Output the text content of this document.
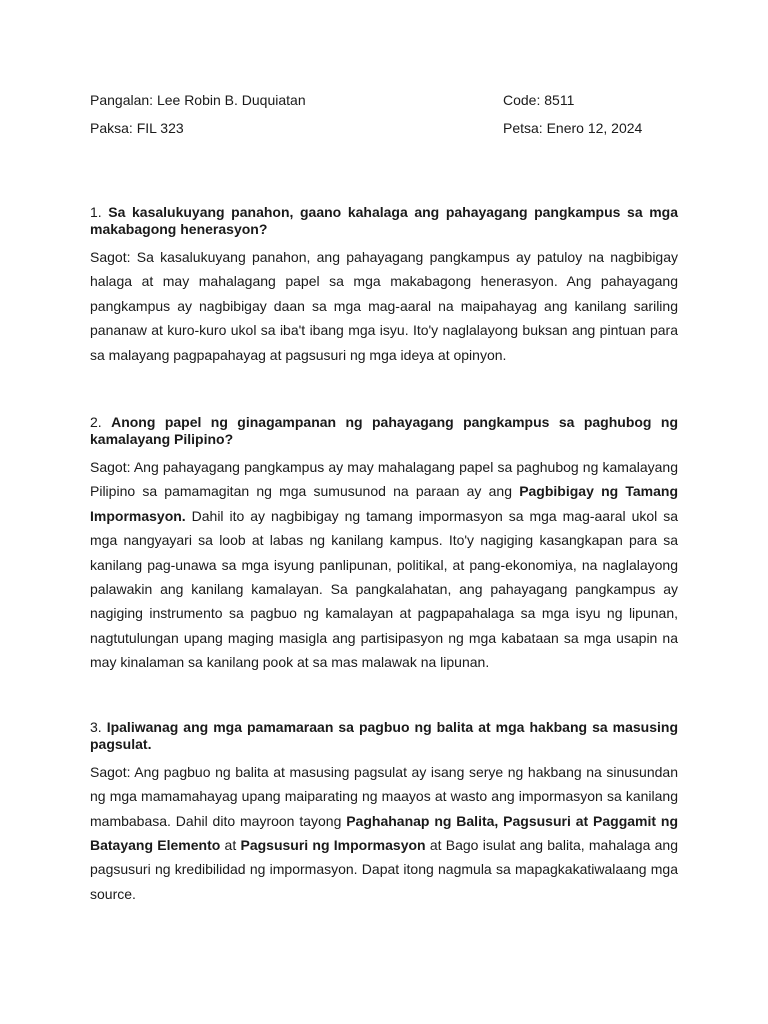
Pangalan: Lee Robin B. Duquiatan	Code: 8511

Paksa: FIL 323	Petsa: Enero 12, 2024

1. Sa kasalukuyang panahon, gaano kahalaga ang pahayagang pangkampus sa mga makabagong henerasyon?

Sagot: Sa kasalukuyang panahon, ang pahayagang pangkampus ay patuloy na nagbibigay halaga at may mahalagang papel sa mga makabagong henerasyon. Ang pahayagang pangkampus ay nagbibigay daan sa mga mag-aaral na maipahayag ang kanilang sariling pananaw at kuro-kuro ukol sa iba't ibang mga isyu. Ito'y naglalayong buksan ang pintuan para sa malayang pagpapahayag at pagsusuri ng mga ideya at opinyon.

2. Anong papel ng ginagampanan ng pahayagang pangkampus sa paghubog ng kamalayang Pilipino?

Sagot: Ang pahayagang pangkampus ay may mahalagang papel sa paghubog ng kamalayang Pilipino sa pamamagitan ng mga sumusunod na paraan ay ang Pagbibigay ng Tamang Impormasyon. Dahil ito ay nagbibigay ng tamang impormasyon sa mga mag-aaral ukol sa mga nangyayari sa loob at labas ng kanilang kampus. Ito'y nagiging kasangkapan para sa kanilang pag-unawa sa mga isyung panlipunan, politikal, at pang-ekonomiya, na naglalayong palawakin ang kanilang kamalayan. Sa pangkalahatan, ang pahayagang pangkampus ay nagiging instrumento sa pagbuo ng kamalayan at pagpapahalaga sa mga isyu ng lipunan, nagtutulungan upang maging masigla ang partisipasyon ng mga kabataan sa mga usapin na may kinalaman sa kanilang pook at sa mas malawak na lipunan.

3. Ipaliwanag ang mga pamamaraan sa pagbuo ng balita at mga hakbang sa masusing pagsulat.

Sagot: Ang pagbuo ng balita at masusing pagsulat ay isang serye ng hakbang na sinusundan ng mga mamamahayag upang maiparating ng maayos at wasto ang impormasyon sa kanilang mambabasa. Dahil dito mayroon tayong Paghahanap ng Balita, Pagsusuri at Paggamit ng Batayang Elemento at Pagsusuri ng Impormasyon at Bago isulat ang balita, mahalaga ang pagsusuri ng kredibilidad ng impormasyon. Dapat itong nagmula sa mapagkakatiwalaang mga source.
